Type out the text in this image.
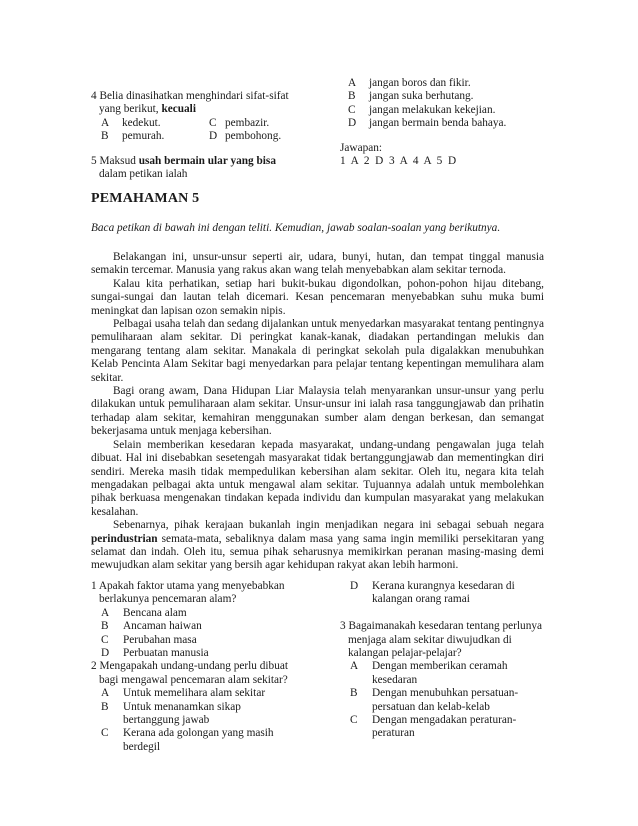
4 Belia dinasihatkan menghindari sifat-sifat
yang berikut, kecuali
A kedekut.	C pembazir.
B pemurah.	D pembohong.
5 Maksud usah bermain ular yang bisa
dalam petikan ialah
A jangan boros dan fikir.
B jangan suka berhutang.
C jangan melakukan kekejian.
D jangan bermain benda bahaya.
Jawapan:
1  A  2  D  3  A  4  A  5  D
PEMAHAMAN 5
Baca petikan di bawah ini dengan teliti. Kemudian, jawab soalan-soalan yang berikutnya.

Belakangan ini, unsur-unsur seperti air, udara, bunyi, hutan, dan tempat tinggal manusia semakin tercemar. Manusia yang rakus akan wang telah menyebabkan alam sekitar ternoda.

Kalau kita perhatikan, setiap hari bukit-bukau digondolkan, pohon-pohon hijau ditebang, sungai-sungai dan lautan telah dicemari. Kesan pencemaran menyebabkan suhu muka bumi meningkat dan lapisan ozon semakin nipis.

Pelbagai usaha telah dan sedang dijalankan untuk menyedarkan masyarakat tentang pentingnya pemuliharaan alam sekitar. Di peringkat kanak-kanak, diadakan pertandingan melukis dan mengarang tentang alam sekitar. Manakala di peringkat sekolah pula digalakkan menubuhkan Kelab Pencinta Alam Sekitar bagi menyedarkan para pelajar tentang kepentingan memulihara alam sekitar.

Bagi orang awam, Dana Hidupan Liar Malaysia telah menyarankan unsur-unsur yang perlu dilakukan untuk pemuliharaan alam sekitar. Unsur-unsur ini ialah rasa tanggungjawab dan prihatin terhadap alam sekitar, kemahiran menggunakan sumber alam dengan berkesan, dan semangat bekerjasama untuk menjaga kebersihan.

Selain memberikan kesedaran kepada masyarakat, undang-undang pengawalan juga telah dibuat. Hal ini disebabkan sesetengah masyarakat tidak bertanggungjawab dan mementingkan diri sendiri. Mereka masih tidak mempedulikan kebersihan alam sekitar. Oleh itu, negara kita telah mengadakan pelbagai akta untuk mengawal alam sekitar. Tujuannya adalah untuk membolehkan pihak berkuasa mengenakan tindakan kepada individu dan kumpulan masyarakat yang melakukan kesalahan.

Sebenarnya, pihak kerajaan bukanlah ingin menjadikan negara ini sebagai sebuah negara perindustrian semata-mata, sebaliknya dalam masa yang sama ingin memiliki persekitaran yang selamat dan indah. Oleh itu, semua pihak seharusnya memikirkan peranan masing-masing demi mewujudkan alam sekitar yang bersih agar kehidupan rakyat akan lebih harmoni.

1 Apakah faktor utama yang menyebabkan
berlakunya pencemaran alam?
A Bencana alam
B Ancaman haiwan
C Perubahan masa
D Perbuatan manusia
2 Mengapakah undang-undang perlu dibuat
bagi mengawal pencemaran alam sekitar?
A Untuk memelihara alam sekitar
B Untuk menanamkan sikap
bertanggung jawab
C Kerana ada golongan yang masih
berdegil
D Kerana kurangnya kesedaran di
kalangan orang ramai
3 Bagaimanakah kesedaran tentang perlunya
menjaga alam sekitar diwujudkan di
kalangan pelajar-pelajar?
A Dengan memberikan ceramah
kesedaran
B Dengan menubuhkan persatuan-
persatuan dan kelab-kelab
C Dengan mengadakan peraturan-
peraturan
